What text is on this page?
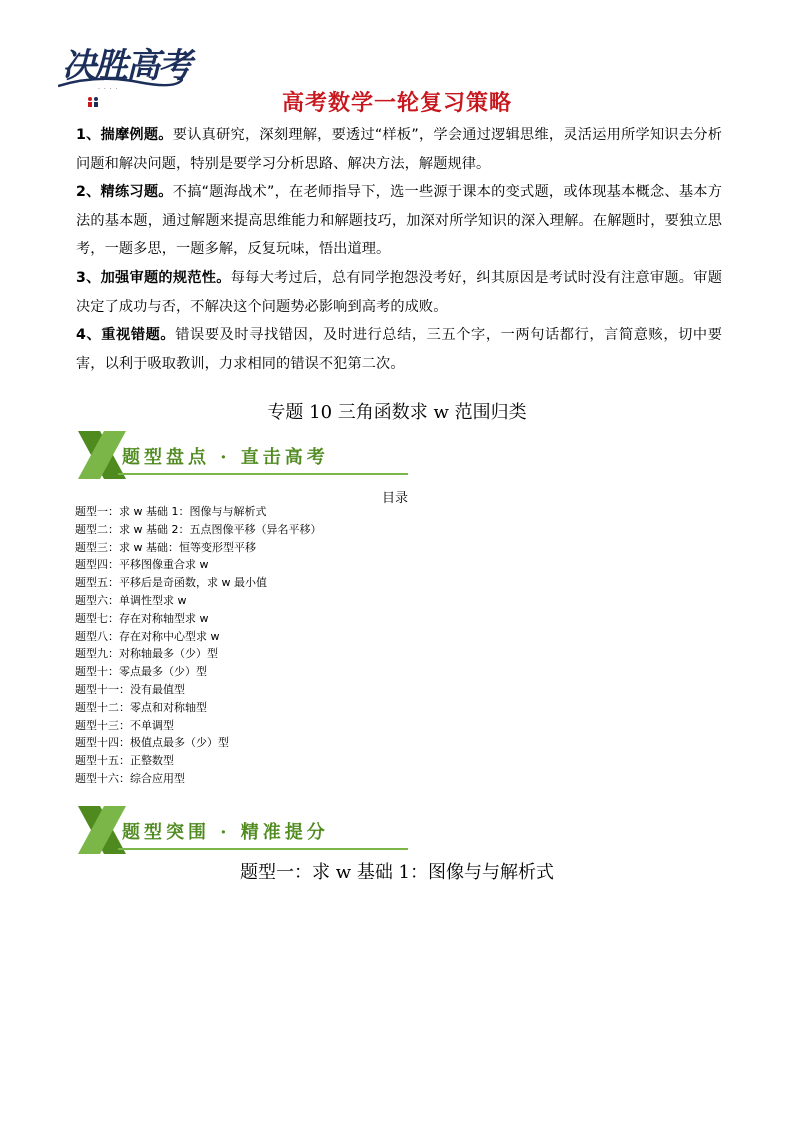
决胜高考
· · · ·
高考数学一轮复习策略
1、揣摩例题。要认真研究，深刻理解，要透过“样板”，学会通过逻辑思维，灵活运用所学知识去分析问题和解决问题，特别是要学习分析思路、解决方法，解题规律。
2、精练习题。不搞“题海战术”，在老师指导下，选一些源于课本的变式题，或体现基本概念、基本方法的基本题，通过解题来提高思维能力和解题技巧，加深对所学知识的深入理解。在解题时，要独立思考，一题多思，一题多解，反复玩味，悟出道理。
3、加强审题的规范性。每每大考过后，总有同学抱怨没考好，纠其原因是考试时没有注意审题。审题决定了成功与否，不解决这个问题势必影响到高考的成败。
4、重视错题。错误要及时寻找错因，及时进行总结，三五个字，一两句话都行，言简意赅，切中要害，以利于吸取教训，力求相同的错误不犯第二次。
专题 10 三角函数求 w 范围归类
题型盘点 · 直击高考
目录
题型一：求 w 基础 1：图像与与解析式
题型二：求 w 基础 2：五点图像平移（异名平移）
题型三：求 w 基础：恒等变形型平移
题型四：平移图像重合求 w
题型五：平移后是奇函数，求 w 最小值
题型六：单调性型求 w
题型七：存在对称轴型求 w
题型八：存在对称中心型求 w
题型九：对称轴最多（少）型
题型十：零点最多（少）型
题型十一：没有最值型
题型十二：零点和对称轴型
题型十三：不单调型
题型十四：极值点最多（少）型
题型十五：正整数型
题型十六：综合应用型
题型突围 · 精准提分
题型一：求 w 基础 1：图像与与解析式
